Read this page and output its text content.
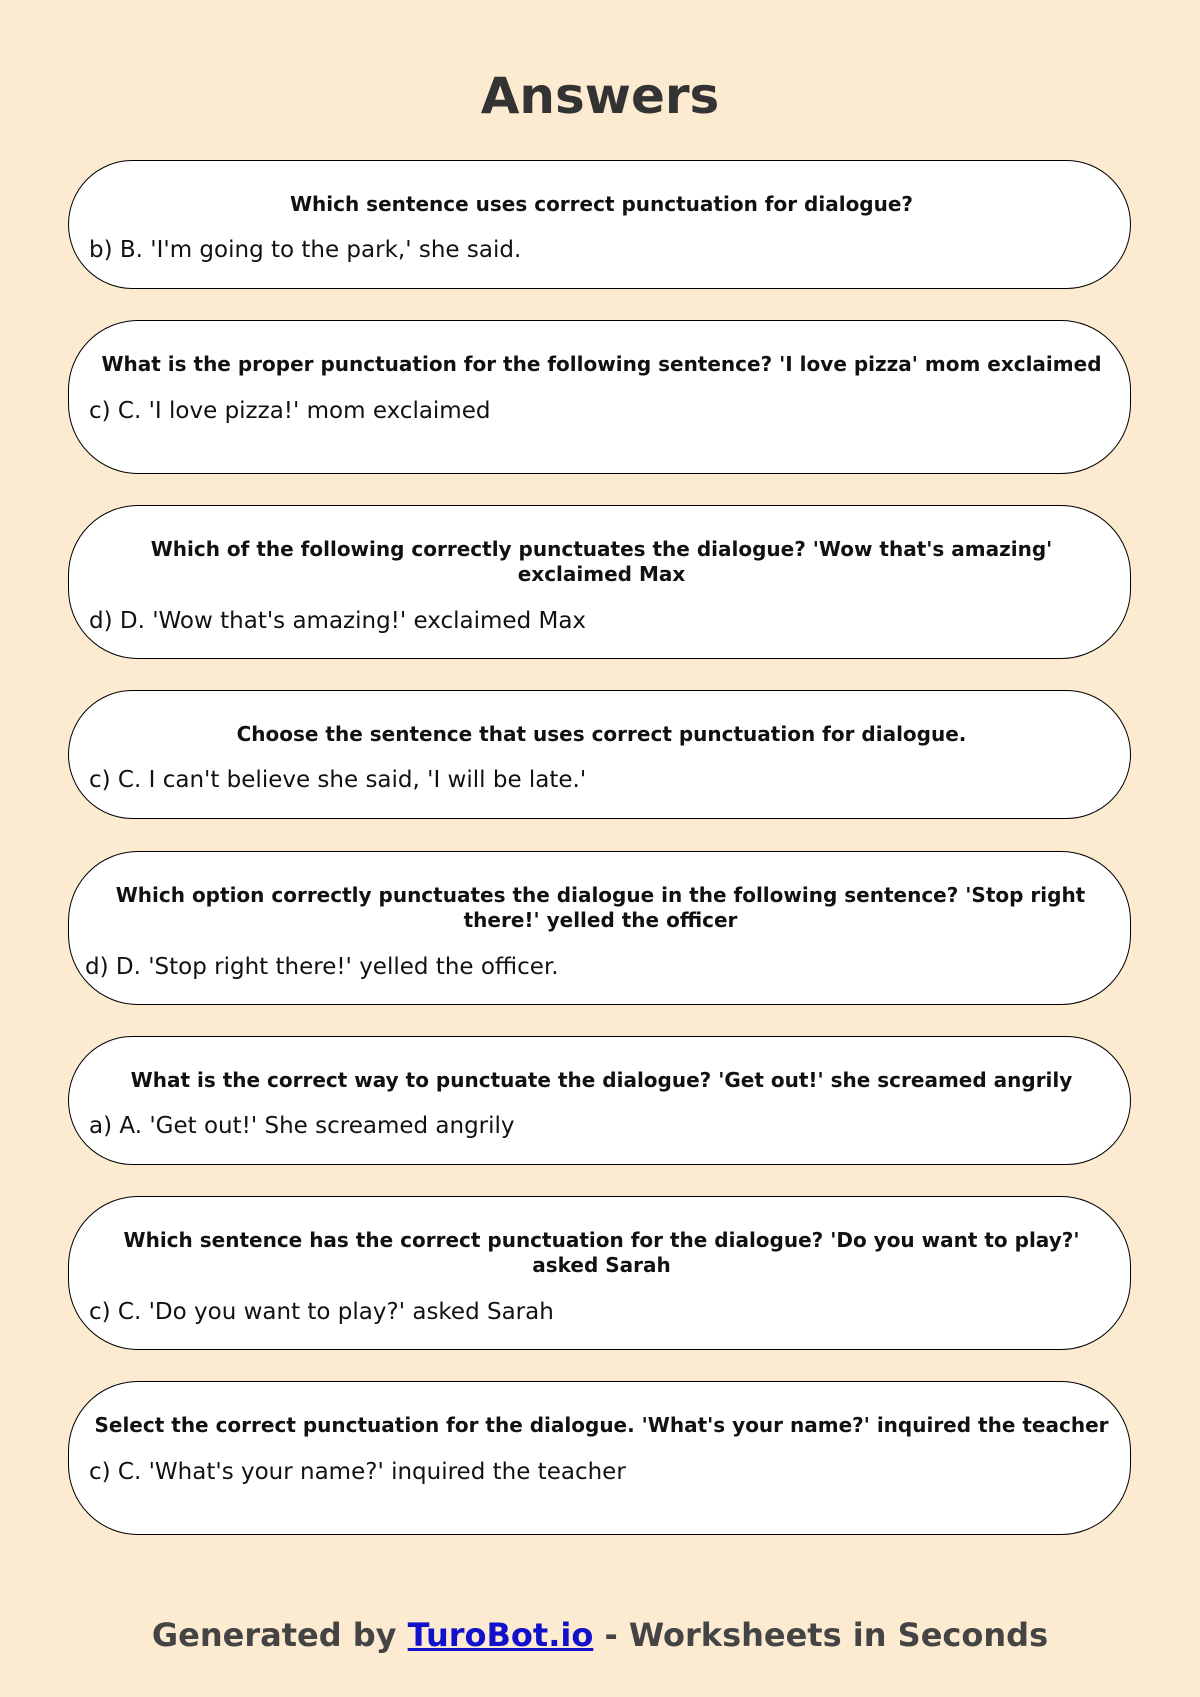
Answers

Which sentence uses correct punctuation for dialogue?

b) B. 'I'm going to the park,' she said.

What is the proper punctuation for the following sentence? 'I love pizza' mom exclaimed

c) C. 'I love pizza!' mom exclaimed

Which of the following correctly punctuates the dialogue? 'Wow that's amazing' exclaimed Max

d) D. 'Wow that's amazing!' exclaimed Max

Choose the sentence that uses correct punctuation for dialogue.

c) C. I can't believe she said, 'I will be late.'

Which option correctly punctuates the dialogue in the following sentence? 'Stop right there!' yelled the officer

d) D. 'Stop right there!' yelled the officer.

What is the correct way to punctuate the dialogue? 'Get out!' she screamed angrily

a) A. 'Get out!' She screamed angrily

Which sentence has the correct punctuation for the dialogue? 'Do you want to play?' asked Sarah

c) C. 'Do you want to play?' asked Sarah

Select the correct punctuation for the dialogue. 'What's your name?' inquired the teacher

c) C. 'What's your name?' inquired the teacher

Generated by TuroBot.io - Worksheets in Seconds
